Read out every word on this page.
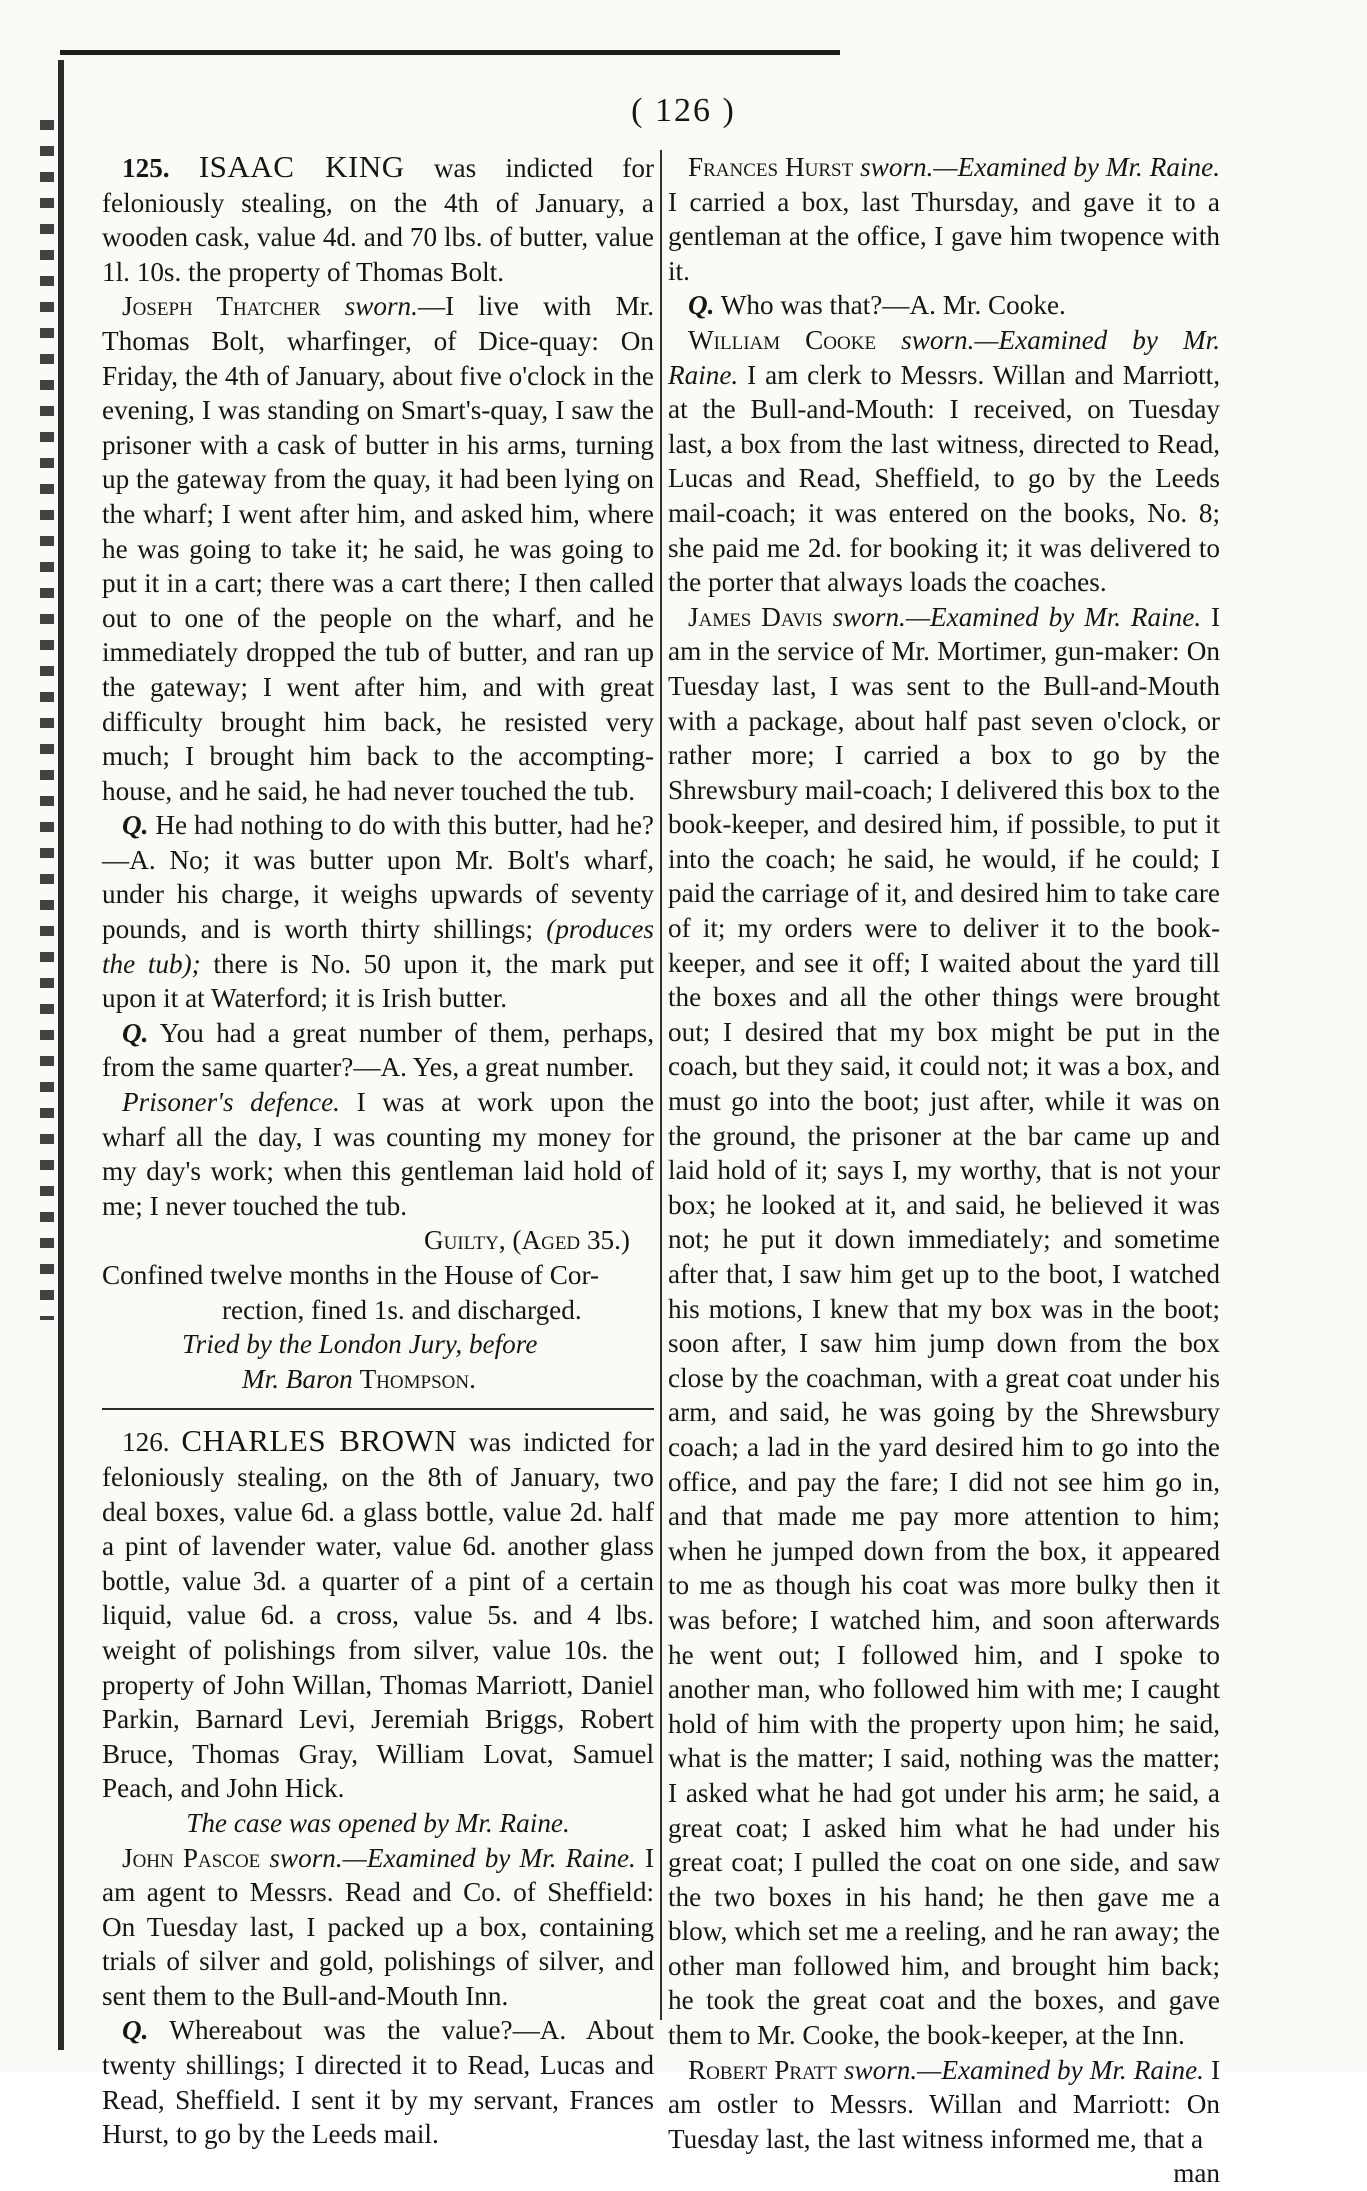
( 126 )

125. ISAAC KING was indicted for feloniously stealing, on the 4th of January, a wooden cask, value 4d. and 70 lbs. of butter, value 1l. 10s. the property of Thomas Bolt.

Joseph Thatcher sworn.—I live with Mr. Thomas Bolt, wharfinger, of Dice-quay: On Friday, the 4th of January, about five o'clock in the evening, I was standing on Smart's-quay, I saw the prisoner with a cask of butter in his arms, turning up the gateway from the quay, it had been lying on the wharf; I went after him, and asked him, where he was going to take it; he said, he was going to put it in a cart; there was a cart there; I then called out to one of the people on the wharf, and he immediately dropped the tub of butter, and ran up the gateway; I went after him, and with great difficulty brought him back, he resisted very much; I brought him back to the accompting-house, and he said, he had never touched the tub.

Q. He had nothing to do with this butter, had he?—A. No; it was butter upon Mr. Bolt's wharf, under his charge, it weighs upwards of seventy pounds, and is worth thirty shillings; (produces the tub); there is No. 50 upon it, the mark put upon it at Waterford; it is Irish butter.

Q. You had a great number of them, perhaps, from the same quarter?—A. Yes, a great number.

Prisoner's defence. I was at work upon the wharf all the day, I was counting my money for my day's work; when this gentleman laid hold of me; I never touched the tub.

Guilty, (Aged 35.)

Confined twelve months in the House of Cor-

rection, fined 1s. and discharged.

Tried by the London Jury, before

Mr. Baron Thompson.

126. CHARLES BROWN was indicted for feloniously stealing, on the 8th of January, two deal boxes, value 6d. a glass bottle, value 2d. half a pint of lavender water, value 6d. another glass bottle, value 3d. a quarter of a pint of a certain liquid, value 6d. a cross, value 5s. and 4 lbs. weight of polishings from silver, value 10s. the property of John Willan, Thomas Marriott, Daniel Parkin, Barnard Levi, Jeremiah Briggs, Robert Bruce, Thomas Gray, William Lovat, Samuel Peach, and John Hick.

The case was opened by Mr. Raine.

John Pascoe sworn.—Examined by Mr. Raine. I am agent to Messrs. Read and Co. of Sheffield: On Tuesday last, I packed up a box, containing trials of silver and gold, polishings of silver, and sent them to the Bull-and-Mouth Inn.

Q. Whereabout was the value?—A. About twenty shillings; I directed it to Read, Lucas and Read, Sheffield. I sent it by my servant, Frances Hurst, to go by the Leeds mail.

Frances Hurst sworn.—Examined by Mr. Raine. I carried a box, last Thursday, and gave it to a gentleman at the office, I gave him twopence with it.

Q. Who was that?—A. Mr. Cooke.

William Cooke sworn.—Examined by Mr. Raine. I am clerk to Messrs. Willan and Marriott, at the Bull-and-Mouth: I received, on Tuesday last, a box from the last witness, directed to Read, Lucas and Read, Sheffield, to go by the Leeds mail-coach; it was entered on the books, No. 8; she paid me 2d. for booking it; it was delivered to the porter that always loads the coaches.

James Davis sworn.—Examined by Mr. Raine. I am in the service of Mr. Mortimer, gun-maker: On Tuesday last, I was sent to the Bull-and-Mouth with a package, about half past seven o'clock, or rather more; I carried a box to go by the Shrewsbury mail-coach; I delivered this box to the book-keeper, and desired him, if possible, to put it into the coach; he said, he would, if he could; I paid the carriage of it, and desired him to take care of it; my orders were to deliver it to the book-keeper, and see it off; I waited about the yard till the boxes and all the other things were brought out; I desired that my box might be put in the coach, but they said, it could not; it was a box, and must go into the boot; just after, while it was on the ground, the prisoner at the bar came up and laid hold of it; says I, my worthy, that is not your box; he looked at it, and said, he believed it was not; he put it down immediately; and sometime after that, I saw him get up to the boot, I watched his motions, I knew that my box was in the boot; soon after, I saw him jump down from the box close by the coachman, with a great coat under his arm, and said, he was going by the Shrewsbury coach; a lad in the yard desired him to go into the office, and pay the fare; I did not see him go in, and that made me pay more attention to him; when he jumped down from the box, it appeared to me as though his coat was more bulky then it was before; I watched him, and soon afterwards he went out; I followed him, and I spoke to another man, who followed him with me; I caught hold of him with the property upon him; he said, what is the matter; I said, nothing was the matter; I asked what he had got under his arm; he said, a great coat; I asked him what he had under his great coat; I pulled the coat on one side, and saw the two boxes in his hand; he then gave me a blow, which set me a reeling, and he ran away; the other man followed him, and brought him back; he took the great coat and the boxes, and gave them to Mr. Cooke, the book-keeper, at the Inn.

Robert Pratt sworn.—Examined by Mr. Raine. I am ostler to Messrs. Willan and Marriott: On Tuesday last, the last witness informed me, that a

man
